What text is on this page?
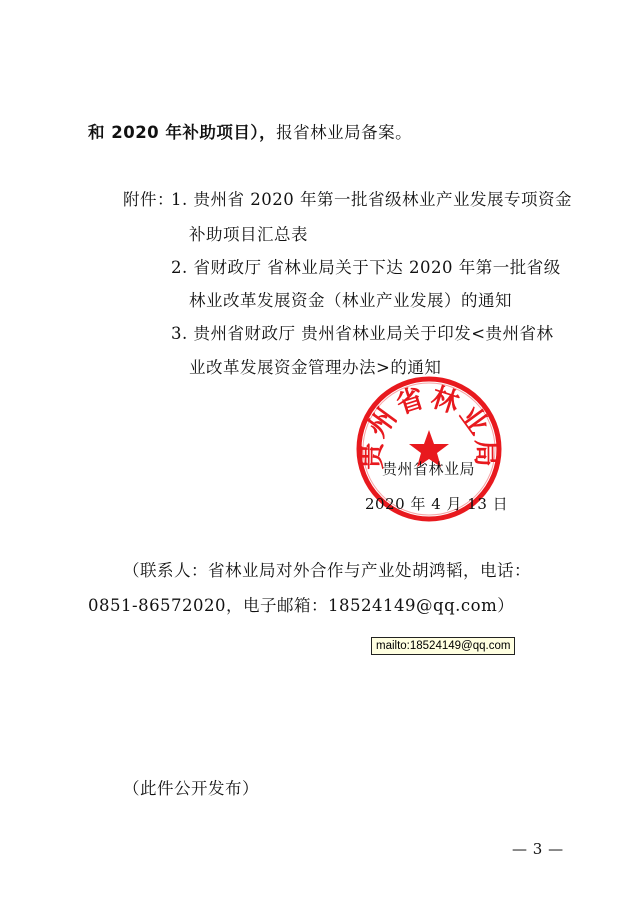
和 2020 年补助项目），报省林业局备案。
附件：
1. 贵州省 2020 年第一批省级林业产业发展专项资金
补助项目汇总表
2. 省财政厅 省林业局关于下达 2020 年第一批省级
林业改革发展资金（林业产业发展）的通知
3. 贵州省财政厅 贵州省林业局关于印发<贵州省林
业改革发展资金管理办法>的通知
贵州省林业局
贵州省林业局
2020 年 4 月 13 日
（联系人：省林业局对外合作与产业处胡鸿韬，电话：
0851-86572020，电子邮箱：18524149@qq.com）
mailto:18524149@qq.com
（此件公开发布）
— 3 —
